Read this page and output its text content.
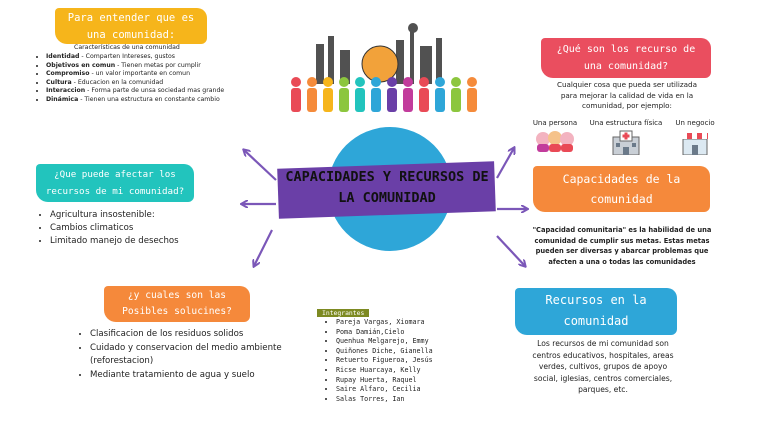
Para entender que es
una comunidad:
Características de una comunidad
• Identidad - Comparten Intereses, gustos
• Objetivos en comun - Tienen metas por cumplir
• Compromiso - un valor importante en comun
• Cultura - Educacion en la comunidad
• Interaccion - Forma parte de unsa sociedad mas grande
• Dinámica - Tienen una estructura en constante cambio
¿Que puede afectar los
recursos de mi comunidad?
• Agricultura insostenible:
• Cambios climaticos
• Limitado manejo de desechos
¿y cuales son las
Posibles solucines?
• Clasificacion de los residuos solidos
• Cuidado y conservacion del medio ambiente (reforestacion)
• Mediante tratamiento de agua y suelo
CAPACIDADES Y RECURSOS DE
LA COMUNIDAD
Integrantes
• Pareja Vargas, Xiomara
• Poma Damián,Cielo
• Quenhua Melgarejo, Emmy
• Quiñones Diche, Gianella
• Retuerto Figueroa, Jesús
• Ricse Huarcaya, Kelly
• Rupay Huerta, Raquel
• Saire Alfaro, Cecilia
• Salas Torres, Ian
¿Qué son los recurso de
una comunidad?
Cualquier cosa que pueda ser utilizada
para mejorar la calidad de vida en la
comunidad, por ejemplo:
Una persona	Una estructura física	Un negocio
Capacidades de la
comunidad
"Capacidad comunitaria" es la habilidad de una comunidad de cumplir sus metas. Estas metas pueden ser diversas y abarcar problemas que afecten a una o todas las comunidades
Recursos en la
comunidad
Los recursos de mi comunidad son centros educativos, hospitales, areas verdes, cultivos, grupos de apoyo social, iglesias, centros comerciales, parques, etc.
